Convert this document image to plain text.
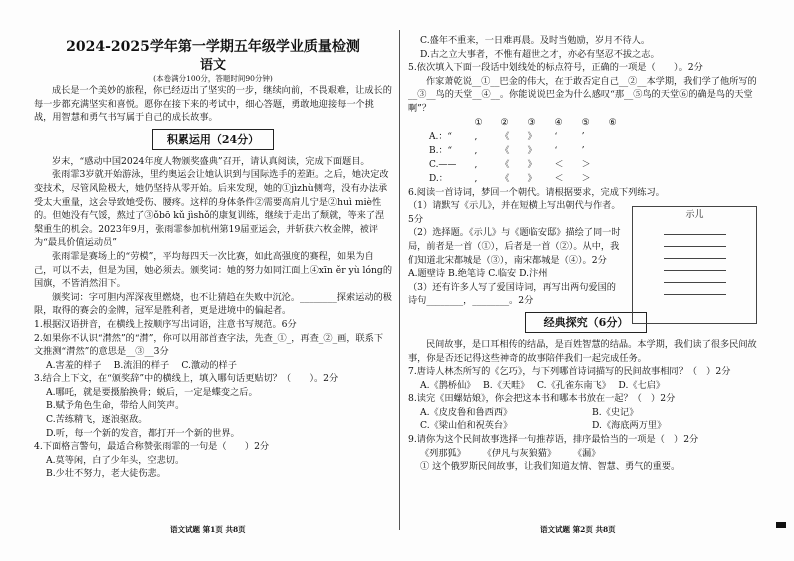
2024-2025学年第一学期五年级学业质量检测
语文
(本卷满分100分，答题时间90分钟)

成长是一个美妙的旅程，你已经迈出了坚实的一步，继续向前，不畏艰难，让成长的每一步都充满坚实和喜悦。愿你在接下来的考试中，细心答题，勇敢地迎接每一个挑战，用智慧和勇气书写属于自己的成长故事。

积累运用（24分）

岁末，“感动中国2024年度人物颁奖盛典”召开，请认真阅读，完成下面题目。

张雨霏3岁就开始游泳，里约奥运会让她认识到与国际选手的差距。之后，她决定改变技术，尽管风险极大，她仍坚持从零开始。后来发现，她的①jìzhù侧弯，没有办法承受太大重量，这会导致她受伤、腰疼。这样的身体条件②需要高肩儿宁是②huì miè性的。但她没有气馁，熬过了③ǒbō kǔ jìshǒ的康复训练，继续于走出了颓就，等来了涅槃重生的机会。2023年9月，张雨霏参加杭州第19届亚运会，并斩获六枚金牌，被评为“最具价值运动员”

张雨霏是赛场上的“劳模”，平均每四天一次比赛，如此高强度的赛程，如果为自己，可以不去，但是为国，她必须去。颁奖词：她的努力如同江面上④xīn ěr yù lóng的国旗，不皆消然泪下。

颁奖词：字可胆内浑深夜里燃烧，也不让猜趋在失败中沉沦。________探索运动的极限，取得的赛会的金牌，冠军是胜利者，更是进境中的偏起者。

1.根据汉语拼音，在横线上按顺序写出词语，注意书写规范。6分

2.如果你不认识“潸然”的“潸”，你可以用部首查字法，先查_①_，再查_②_画，联系下文推测“潸然”的意思是__③__3分

A.害羞的样子　 B.流泪的样子　 C.激动的样子

3.结合上下文，在“颁奖辞”中的横线上，填入哪句话更贴切？（　　）。2分

A.哪吒，就是要摄胎换骨；蜕后，一定是蝶变之后。

B.赋予角色生命，带给人间笑声。

C.苦练精飞，逐浪驱敌。

D.听，每一个新的发音，都打开一个新的世界。

4.下面格言警句，最适合称赞张雨霏的一句是（　　）2分

A.莫等闲，白了少年头，空悲切。

B.少壮不努力，老大徒伤悲。

C.盛年不重来，一日难再晨。及时当勉励，岁月不待人。

D.古之立大事者，不惟有超世之才，亦必有坚忍不拔之志。

5.依次填入下面一段话中划线处的标点符号，正确的一项是（　　）。2分

作家萧乾说__①__巴金的伟大，在于敢否定自己__②__本学期，我们学了他所写的__③__鸟的天堂__④__。你能说说巴金为什么感叹“那__⑤鸟的天堂⑥的确是鸟的天堂啊”？

	①	②	③	④	⑤	⑥
A.：“	,	《	》	‘	’	
B.：“	,	《	》	‘	’	
C.——	,	《	》	＜	＞	
D.：	,	《	》	＜	＞	

6.阅读一首诗词，梦回一个朝代。请根据要求，完成下列练习。

（1）请默写《示儿》，并在短横上写出朝代与作者。5分

（2）选择题。《示儿》与《题临安邸》描绘了同一时局，前者是一首（①），后者是一首（②）。从中，我们知道北宋都城是（③），南宋都城是（④）。2分

A.题壁诗 B.绝笔诗 C.临安 D.汴州

（3）还有许多人写了爱国诗词，再写出两句爱国的诗句________，________。2分

经典探究（6分）

民间故事，是口耳相传的结晶，是百姓智慧的结晶。本学期，我们读了很多民间故事，你是否还记得这些神奇的故事陪伴我们一起完成任务。

7.唐诗人林杰所写的《乞巧》，与下列哪首诗词描写的民间故事相同？（　）2分

A.《鹊桥仙》　 B.《天畦》　 C.《孔雀东南飞》　 D.《七启》

8.读完《田螺姑娘》，你会把这本书和哪本书放在一起？（　）2分

A.《皮皮鲁和鲁西西》	B.《史记》
C.《梁山伯和祝英台》	D.《海底两万里》

9.请你为这个民间故事选择一句推荐语，排序最恰当的一项是（　）2分

《列那狐》　　 《伊凡与灰狼猫》　　 《漏》

① 这个俄罗斯民间故事，让我们知道友情、智慧、勇气的重要。

示儿
语文试题 第1页 共8页	语文试题 第2页 共8页
